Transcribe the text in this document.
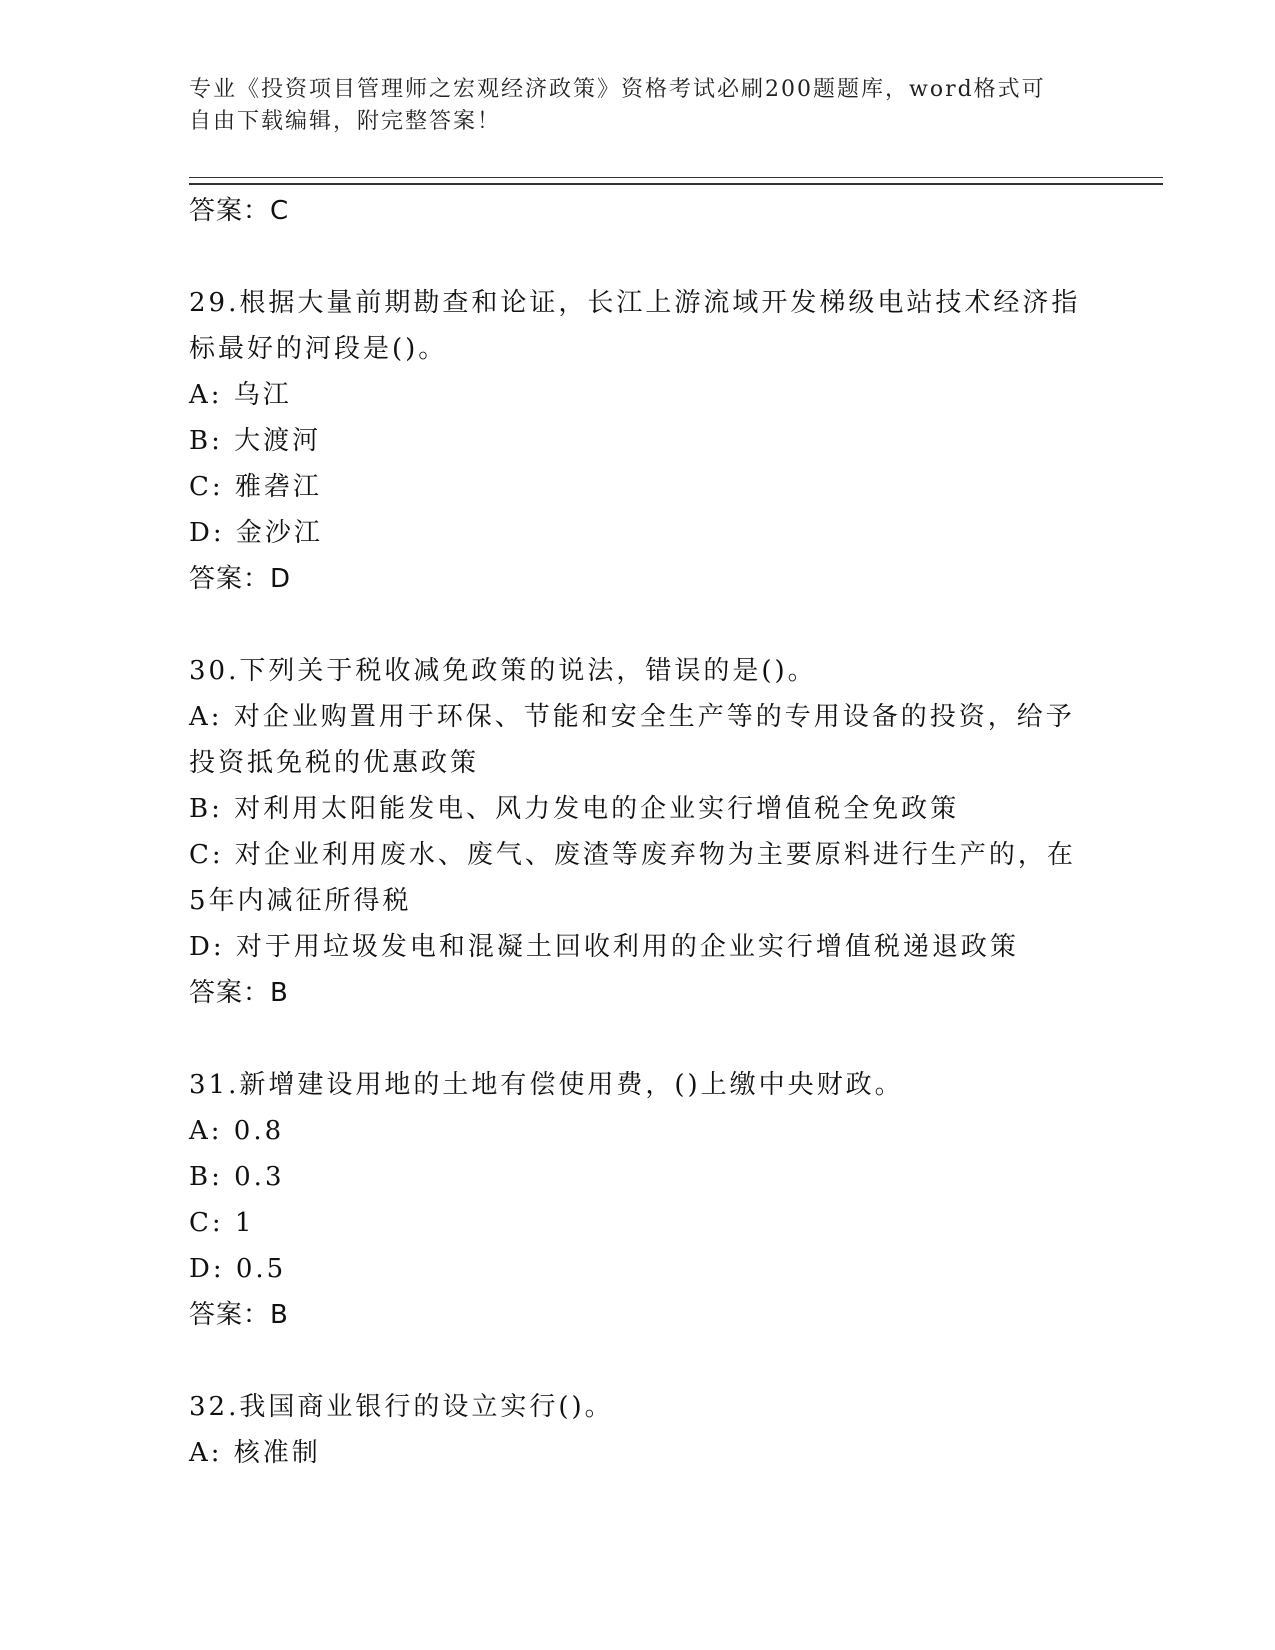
专业《投资项目管理师之宏观经济政策》资格考试必刷200题题库，word格式可
自由下载编辑，附完整答案！
答案：C
29.根据大量前期勘查和论证，长江上游流域开发梯级电站技术经济指
标最好的河段是()。
A: 乌江
B: 大渡河
C: 雅砻江
D: 金沙江
答案：D
30.下列关于税收减免政策的说法，错误的是()。
A: 对企业购置用于环保、节能和安全生产等的专用设备的投资，给予
投资抵免税的优惠政策
B: 对利用太阳能发电、风力发电的企业实行增值税全免政策
C: 对企业利用废水、废气、废渣等废弃物为主要原料进行生产的，在
5年内减征所得税
D: 对于用垃圾发电和混凝土回收利用的企业实行增值税递退政策
答案：B
31.新增建设用地的土地有偿使用费，()上缴中央财政。
A: 0.8
B: 0.3
C: 1
D: 0.5
答案：B
32.我国商业银行的设立实行()。
A: 核准制
